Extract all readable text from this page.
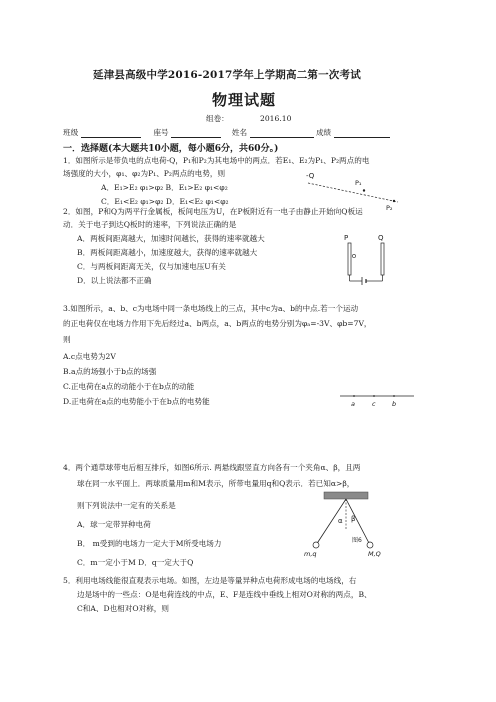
延津县高级中学2016-2017学年上学期高二第一次考试
物理试题
组卷：	2016.10
班级	座号	姓名	成绩
一．选择题(本大题共10小题，每小题6分，共60分。)
1．如图所示是带负电的点电荷-Q，P₁和P₂为其电场中的两点．若E₁、E₂为P₁、P₂两点的电
场强度的大小，φ₁、φ₂为P₁、P₂两点的电势，则
A．E₁>E₂ φ₁>φ₂ B．E₁>E₂ φ₁<φ₂
C．E₁<E₂ φ₁>φ₂ D．E₁<E₂ φ₁<φ₂
-Q
P₁
P₂
2．如图，P和Q为两平行金属板，板间电压为U，在P板附近有一电子由静止开始向Q板运
动．关于电子到达Q板时的速率，下列说法正确的是
A．两板间距离越大，加速时间越长，获得的速率就越大
B．两板间距离越小，加速度越大，获得的速率就越大
C．与两板间距离无关，仅与加速电压U有关
D．以上说法都不正确
P	Q
3.如图所示，a、b、c为电场中同一条电场线上的三点，其中c为a、b的中点.若一个运动
的正电荷仅在电场力作用下先后经过a、b两点，a、b两点的电势分别为φₐ=-3V、φb=7V，
则
A.c点电势为2V
B.a点的场强小于b点的场强
C.正电荷在a点的动能小于在b点的动能
D.正电荷在a点的电势能小于在b点的电势能	a	c	b
4．两个通草球带电后相互排斥，如图6所示. 两悬线跟竖直方向各有一个夹角α、β，且两
球在同一水平面上．两球质量用m和M表示，所带电量用q和Q表示．若已知α>β，
则下列说法中一定有的关系是
A．球一定带异种电荷
B． m受到的电场力一定大于M所受电场力
C．m一定小于M D．q一定大于Q
α β
图6
m,q	M,Q
5．利用电场线能很直观表示电场。如图，左边是等量异种点电荷形成电场的电场线，右
边是场中的一些点：O是电荷连线的中点，E、F是连线中垂线上相对O对称的两点，B、
C和A、D也相对O对称，则
